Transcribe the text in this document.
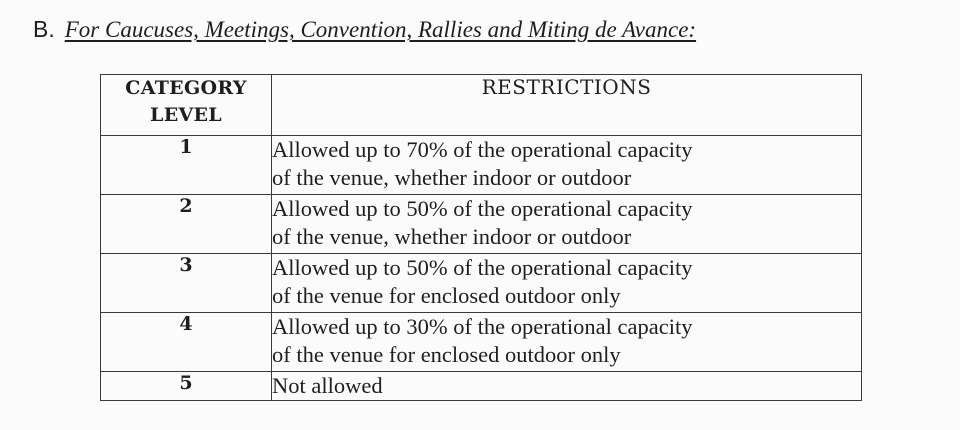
B. For Caucuses, Meetings, Convention, Rallies and Miting de Avance:
CATEGORY
LEVEL	RESTRICTIONS
1	Allowed up to 70% of the operational capacity
of the venue, whether indoor or outdoor

2	Allowed up to 50% of the operational capacity
of the venue, whether indoor or outdoor

3	Allowed up to 50% of the operational capacity
of the venue for enclosed outdoor only

4	Allowed up to 30% of the operational capacity
of the venue for enclosed outdoor only

5	Not allowed
